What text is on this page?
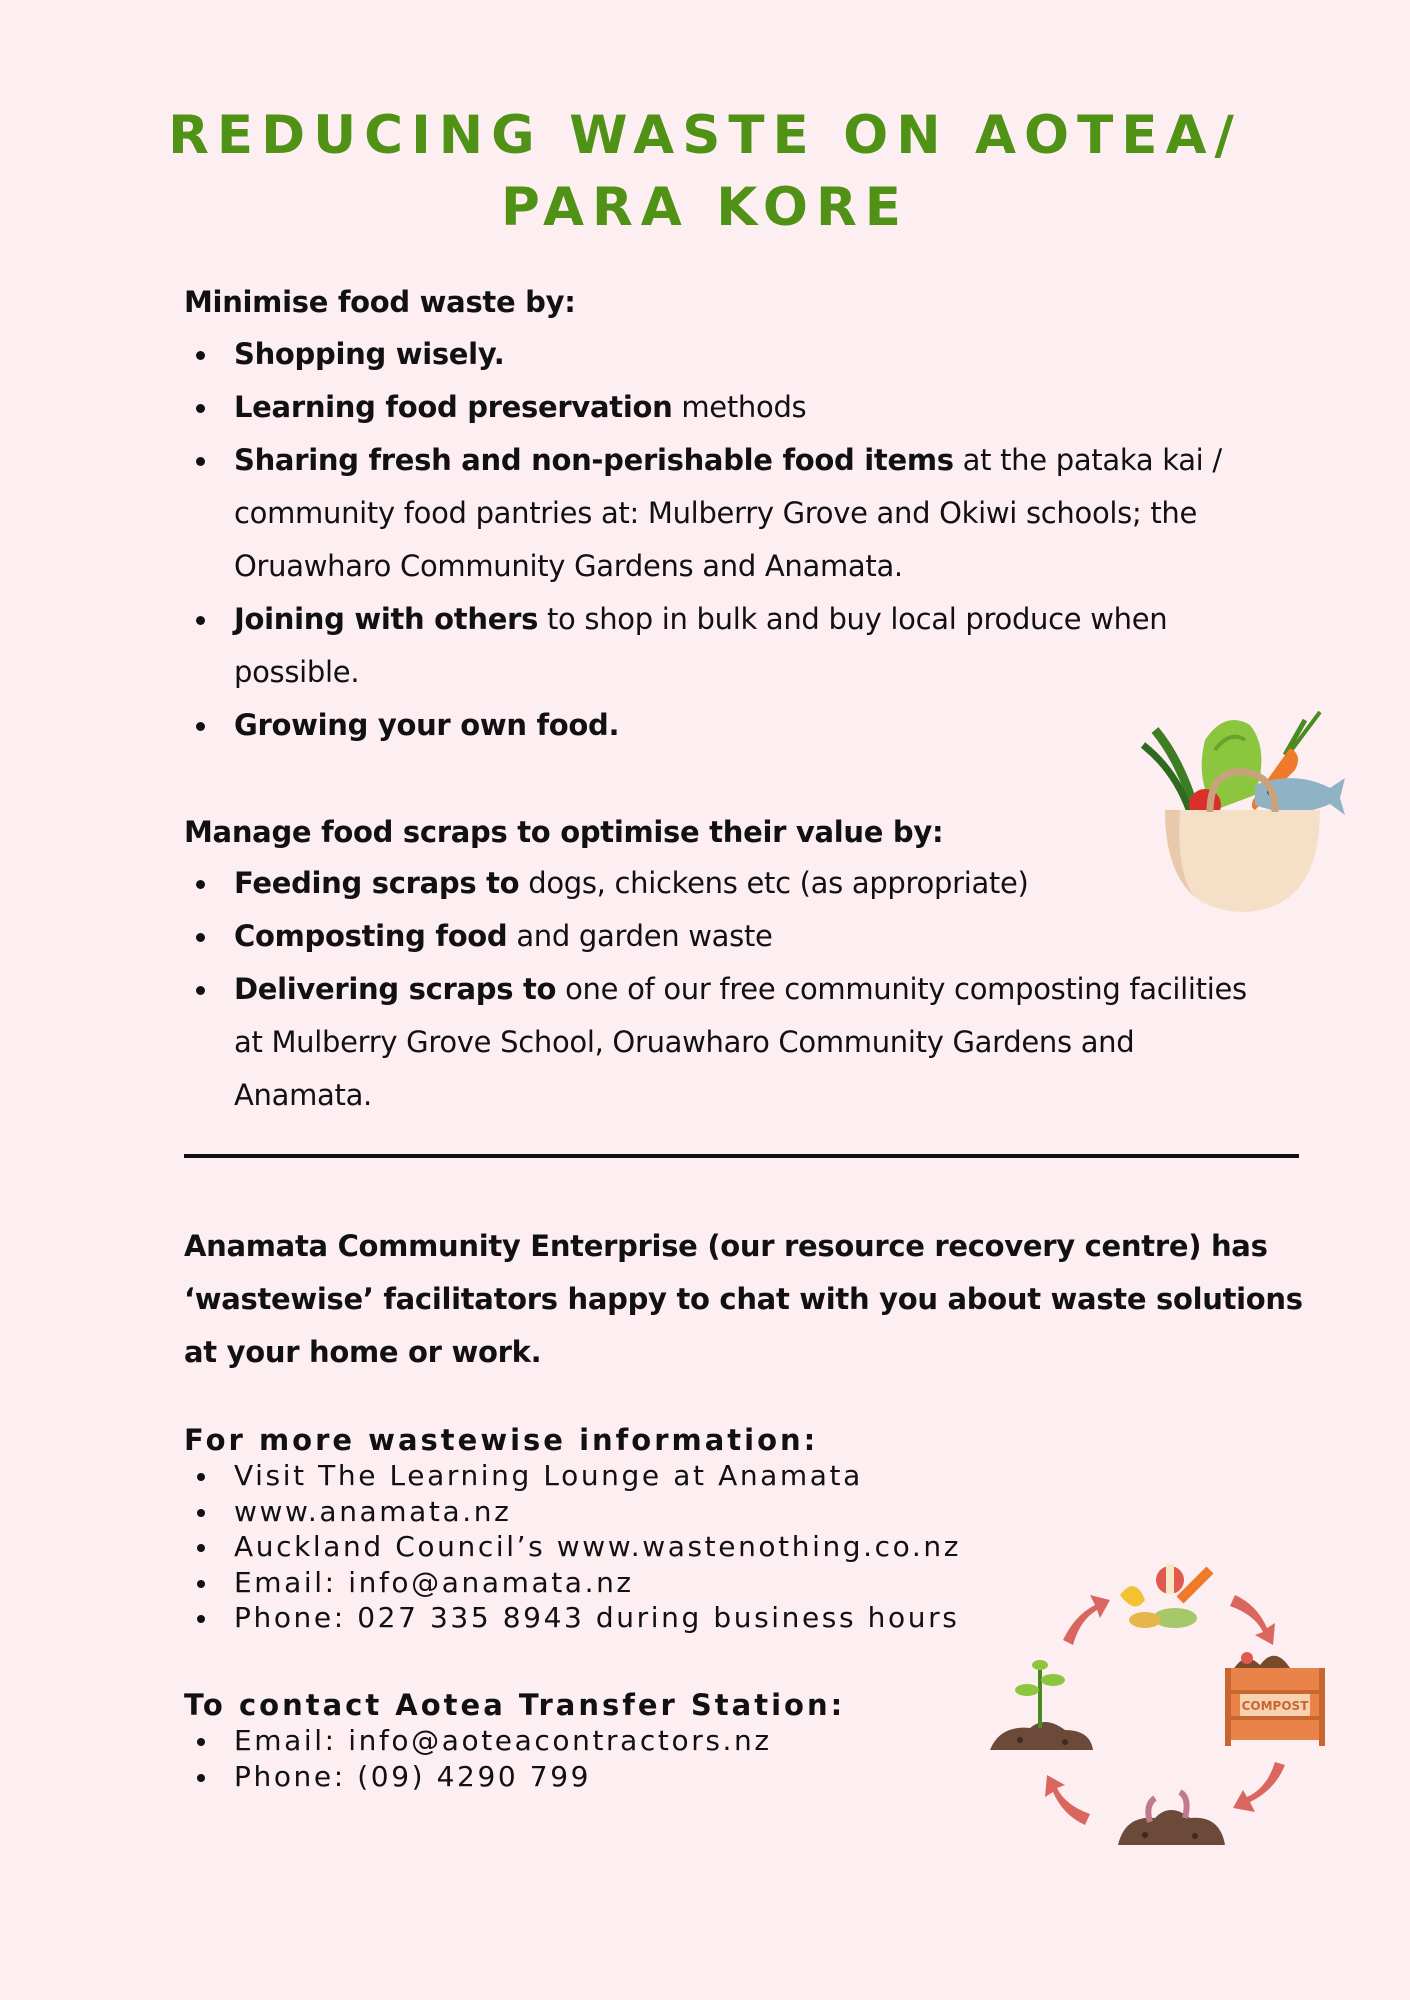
REDUCING WASTE ON AOTEA/
PARA KORE
Minimise food waste by:
Shopping wisely.
Learning food preservation methods
Sharing fresh and non-perishable food items at the pataka kai /
community food pantries at: Mulberry Grove and Okiwi schools; the
Oruawharo Community Gardens and Anamata.
Joining with others to shop in bulk and buy local produce when
possible.
Growing your own food.
Manage food scraps to optimise their value by:
Feeding scraps to dogs, chickens etc (as appropriate)
Composting food and garden waste
Delivering scraps to one of our free community composting facilities
at Mulberry Grove School, Oruawharo Community Gardens and
Anamata.

Anamata Community Enterprise (our resource recovery centre) has
‘wastewise’ facilitators happy to chat with you about waste solutions
at your home or work.

For more wastewise information:
Visit The Learning Lounge at Anamata
www.anamata.nz
Auckland Council’s www.wastenothing.co.nz
Email: info@anamata.nz
Phone: 027 335 8943 during business hours
To contact Aotea Transfer Station:
Email: info@aoteacontractors.nz
Phone: (09) 4290 799
COMPOST
